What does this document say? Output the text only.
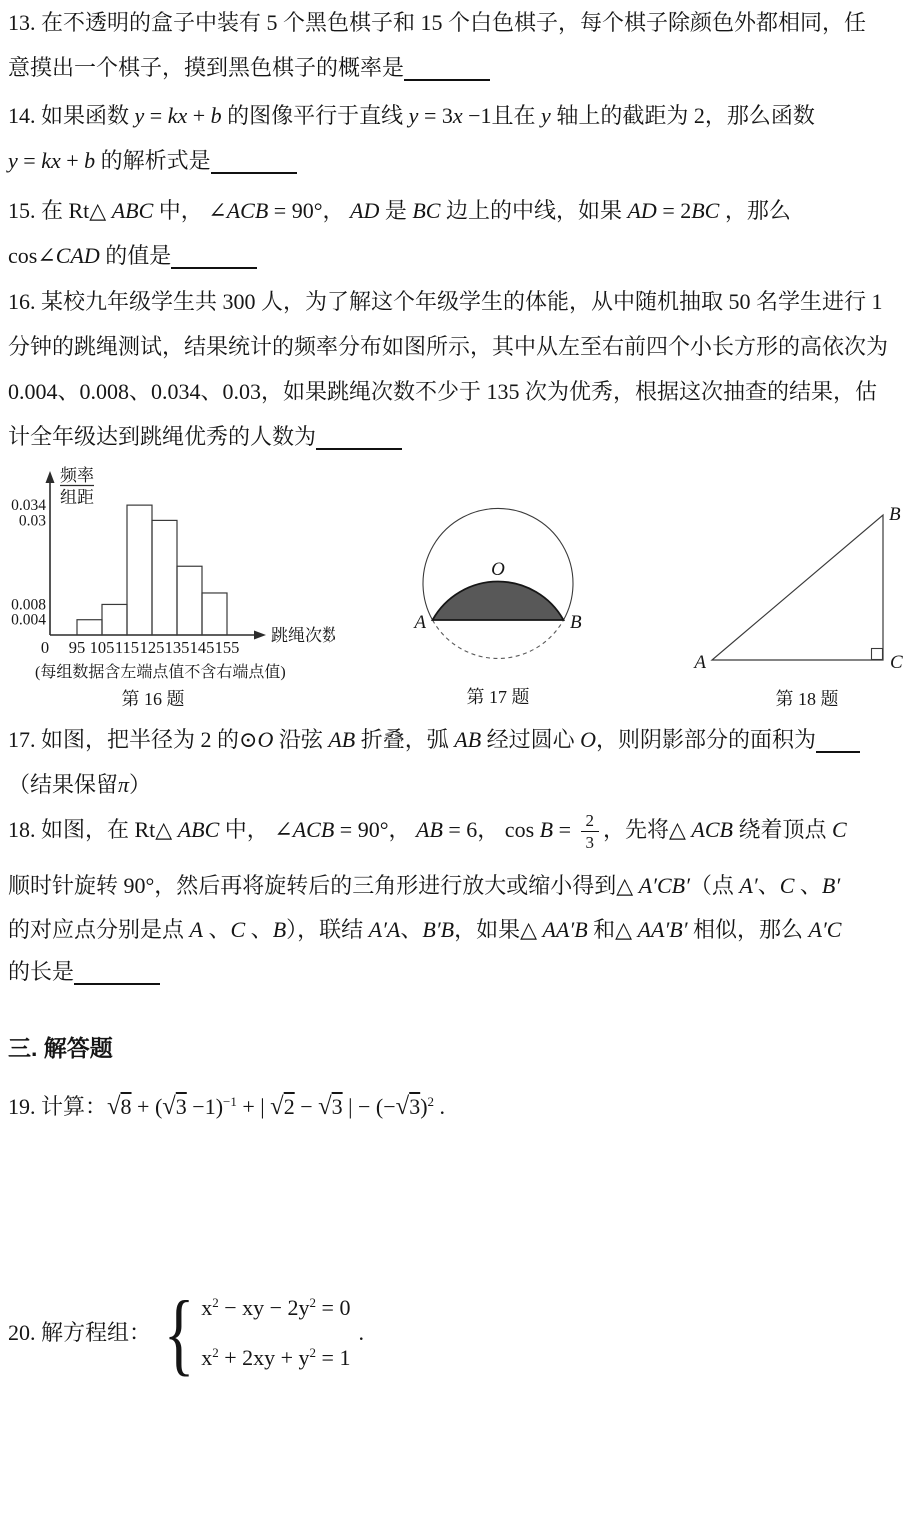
13. 在不透明的盒子中装有 5 个黑色棋子和 15 个白色棋子，每个棋子除颜色外都相同，任
意摸出一个棋子，摸到黑色棋子的概率是
14. 如果函数 y = kx + b 的图像平行于直线 y = 3x −1且在 y 轴上的截距为 2，那么函数
y = kx + b 的解析式是
15. 在 Rt△ ABC 中， ∠ACB = 90°， AD 是 BC 边上的中线，如果 AD = 2BC ，那么
cos∠CAD 的值是
16. 某校九年级学生共 300 人，为了解这个年级学生的体能，从中随机抽取 50 名学生进行 1
分钟的跳绳测试，结果统计的频率分布如图所示，其中从左至右前四个小长方形的高依次为
0.004、0.008、0.034、0.03，如果跳绳次数不少于 135 次为优秀，根据这次抽查的结果，估
计全年级达到跳绳优秀的人数为
0.004
0.008
0.03
0.034
0 95 105 115 125 135 145 155
频率
组距
跳绳次数
(每组数据含左端点值不含右端点值)
第 16 题
O
A	B
第 17 题
A
B
C
第 18 题
17. 如图，把半径为 2 的⊙O 沿弦 AB 折叠，弧 AB 经过圆心 O，则阴影部分的面积为
（结果保留π）
18. 如图，在 Rt△ ABC 中， ∠ACB = 90°， AB = 6， $\cos B = \frac{2}{3}$ ，先将△ ACB 绕着顶点 C
顺时针旋转 90°，然后再将旋转后的三角形进行放大或缩小得到△ A′CB′（点 A′、C 、B′
的对应点分别是点 A 、C 、B），联结 A′A、B′B，如果△ AA′B 和△ AA′B′ 相似，那么 A′C
的长是
三. 解答题
19. 计算：$√8 + (√3 -1)^{-1}$ + | √2 − √3 | − $(-√3)^2$ .
20. 解方程组： { $x^2$ − xy − $2y^2 = 0$
$x^2 + 2xy + y^2 = 1$
.
